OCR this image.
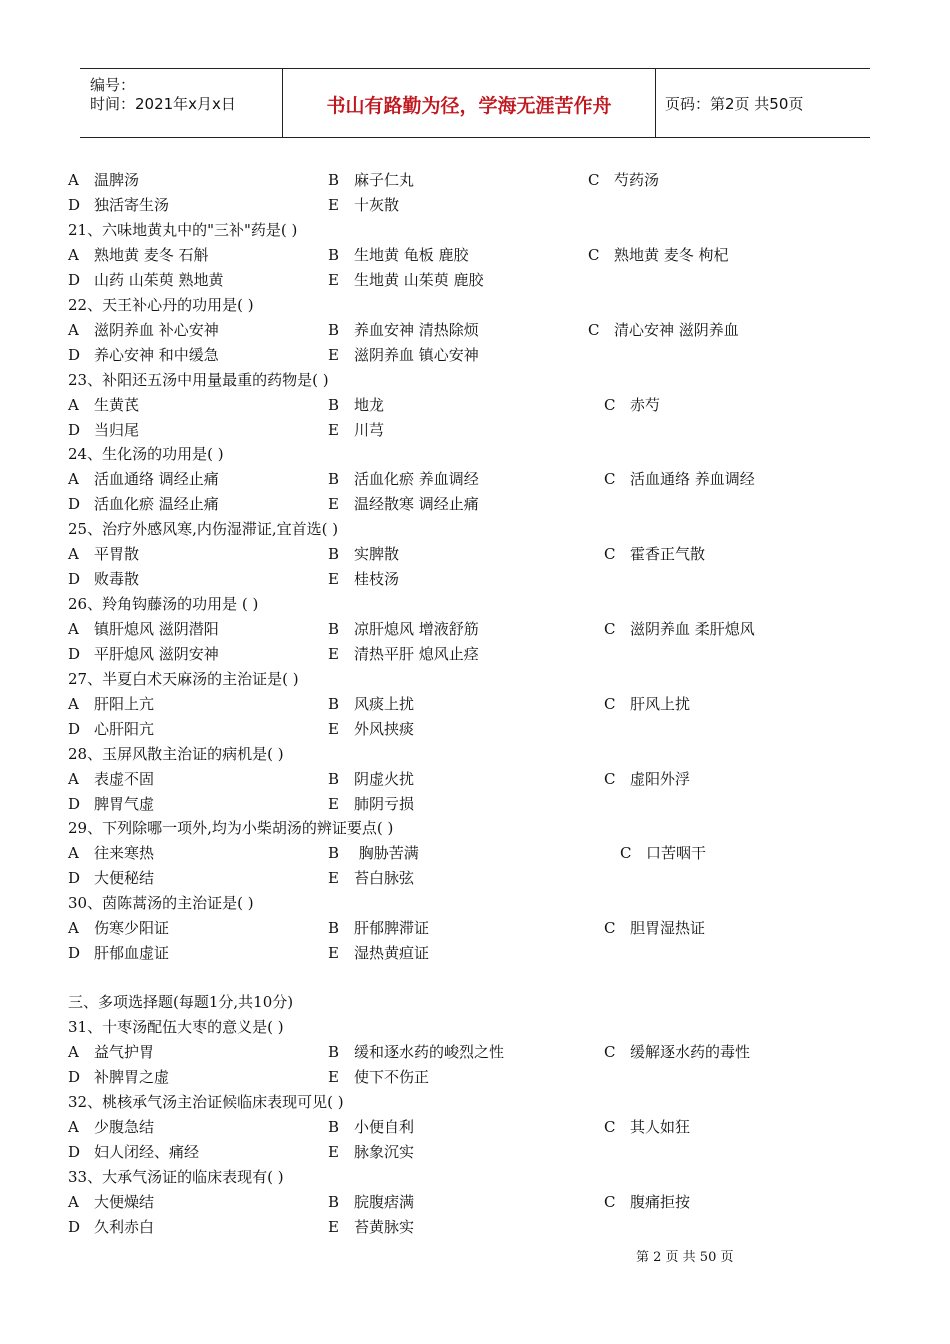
编号：
时间：2021年x月x日	书山有路勤为径，学海无涯苦作舟	页码：第2页 共50页
A 温脾汤	B 麻子仁丸	C 芍药汤
D 独活寄生汤	E 十灰散
21、六味地黄丸中的"三补"药是( )
A 熟地黄 麦冬 石斛	B 生地黄 龟板 鹿胶	C 熟地黄 麦冬 枸杞
D 山药 山茱萸 熟地黄	E 生地黄 山茱萸 鹿胶
22、天王补心丹的功用是( )
A 滋阴养血 补心安神	B 养血安神 清热除烦	C 清心安神 滋阴养血
D 养心安神 和中缓急	E 滋阴养血 镇心安神
23、补阳还五汤中用量最重的药物是( )
A 生黄芪	B 地龙	C 赤芍
D 当归尾	E 川芎
24、生化汤的功用是( )
A 活血通络 调经止痛	B 活血化瘀 养血调经	C 活血通络 养血调经
D 活血化瘀 温经止痛	E 温经散寒 调经止痛
25、治疗外感风寒,内伤湿滞证,宜首选( )
A 平胃散	B 实脾散	C 霍香正气散
D 败毒散	E 桂枝汤
26、羚角钩藤汤的功用是 ( )
A 镇肝熄风 滋阴潜阳	B 凉肝熄风 增液舒筋	C 滋阴养血 柔肝熄风
D 平肝熄风 滋阴安神	E 清热平肝 熄风止痉
27、半夏白术天麻汤的主治证是( )
A 肝阳上亢	B 风痰上扰	C 肝风上扰
D 心肝阳亢	E 外风挟痰
28、玉屏风散主治证的病机是( )
A 表虚不固	B 阴虚火扰	C 虚阳外浮
D 脾胃气虚	E 肺阴亏损
29、下列除哪一项外,均为小柴胡汤的辨证要点( )
A 往来寒热	B 胸胁苦满	C 口苦咽干
D 大便秘结	E 苔白脉弦
30、茵陈蒿汤的主治证是( )
A 伤寒少阳证	B 肝郁脾滞证	C 胆胃湿热证
D 肝郁血虚证	E 湿热黄疸证
三、多项选择题(每题1分,共10分)
31、十枣汤配伍大枣的意义是( )
A 益气护胃	B 缓和逐水药的峻烈之性	C 缓解逐水药的毒性
D 补脾胃之虚	E 使下不伤正
32、桃核承气汤主治证候临床表现可见( )
A 少腹急结	B 小便自利	C 其人如狂
D 妇人闭经、痛经	E 脉象沉实
33、大承气汤证的临床表现有( )
A 大便燥结	B 脘腹痞满	C 腹痛拒按
D 久利赤白	E 苔黄脉实
第 2 页 共 50 页
